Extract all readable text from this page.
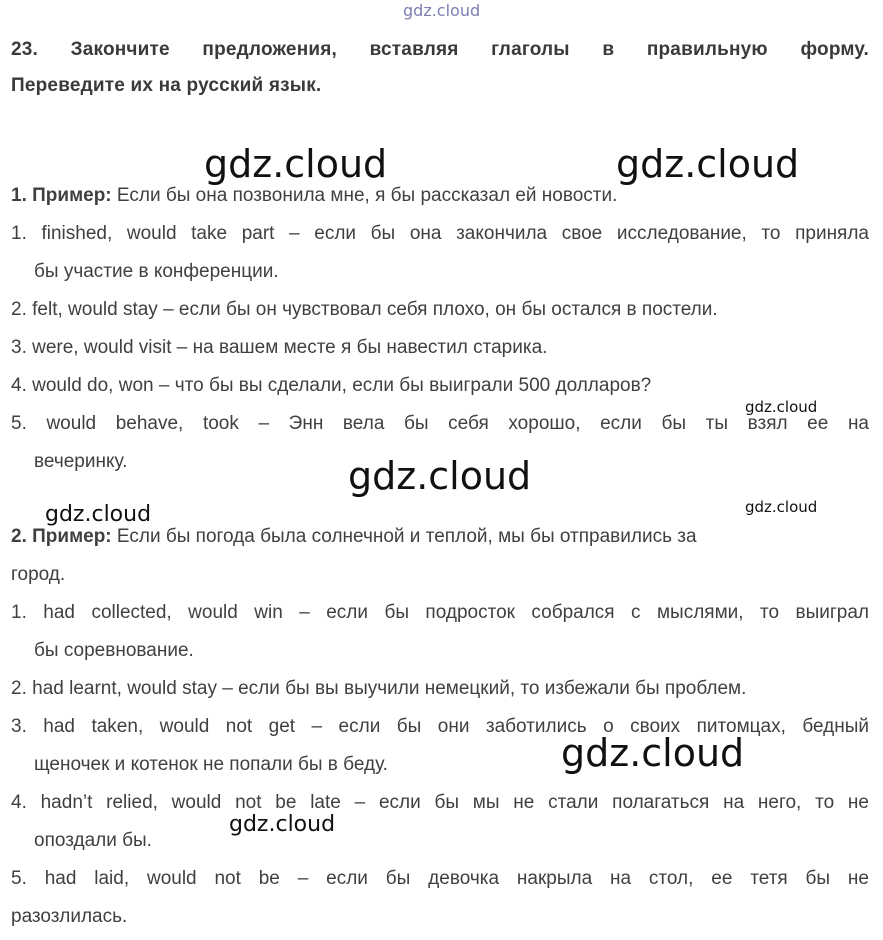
gdz.cloud
gdz.cloud	gdz.cloud
gdz.cloud
gdz.cloud
gdz.cloud
gdz.cloud
gdz.cloud
gdz.cloud
23. Закончите предложения, вставляя глаголы в правильную форму.
Переведите их на русский язык.
1. Пример: Если бы она позвонила мне, я бы рассказал ей новости.
1. finished, would take part – если бы она закончила свое исследование, то приняла
бы участие в конференции.
2. felt, would stay – если бы он чувствовал себя плохо, он бы остался в постели.
3. were, would visit – на вашем месте я бы навестил старика.
4. would do, won – что бы вы сделали, если бы выиграли 500 долларов?
5. would behave, took – Энн вела бы себя хорошо, если бы ты взял ее на
вечеринку.
2. Пример: Если бы погода была солнечной и теплой, мы бы отправились за
город.
1. had collected, would win – если бы подросток собрался с мыслями, то выиграл
бы соревнование.
2. had learnt, would stay – если бы вы выучили немецкий, то избежали бы проблем.
3. had taken, would not get – если бы они заботились о своих питомцах, бедный
щеночек и котенок не попали бы в беду.
4. hadn’t relied, would not be late – если бы мы не стали полагаться на него, то не
опоздали бы.
5. had laid, would not be – если бы девочка накрыла на стол, ее тетя бы не
разозлилась.
